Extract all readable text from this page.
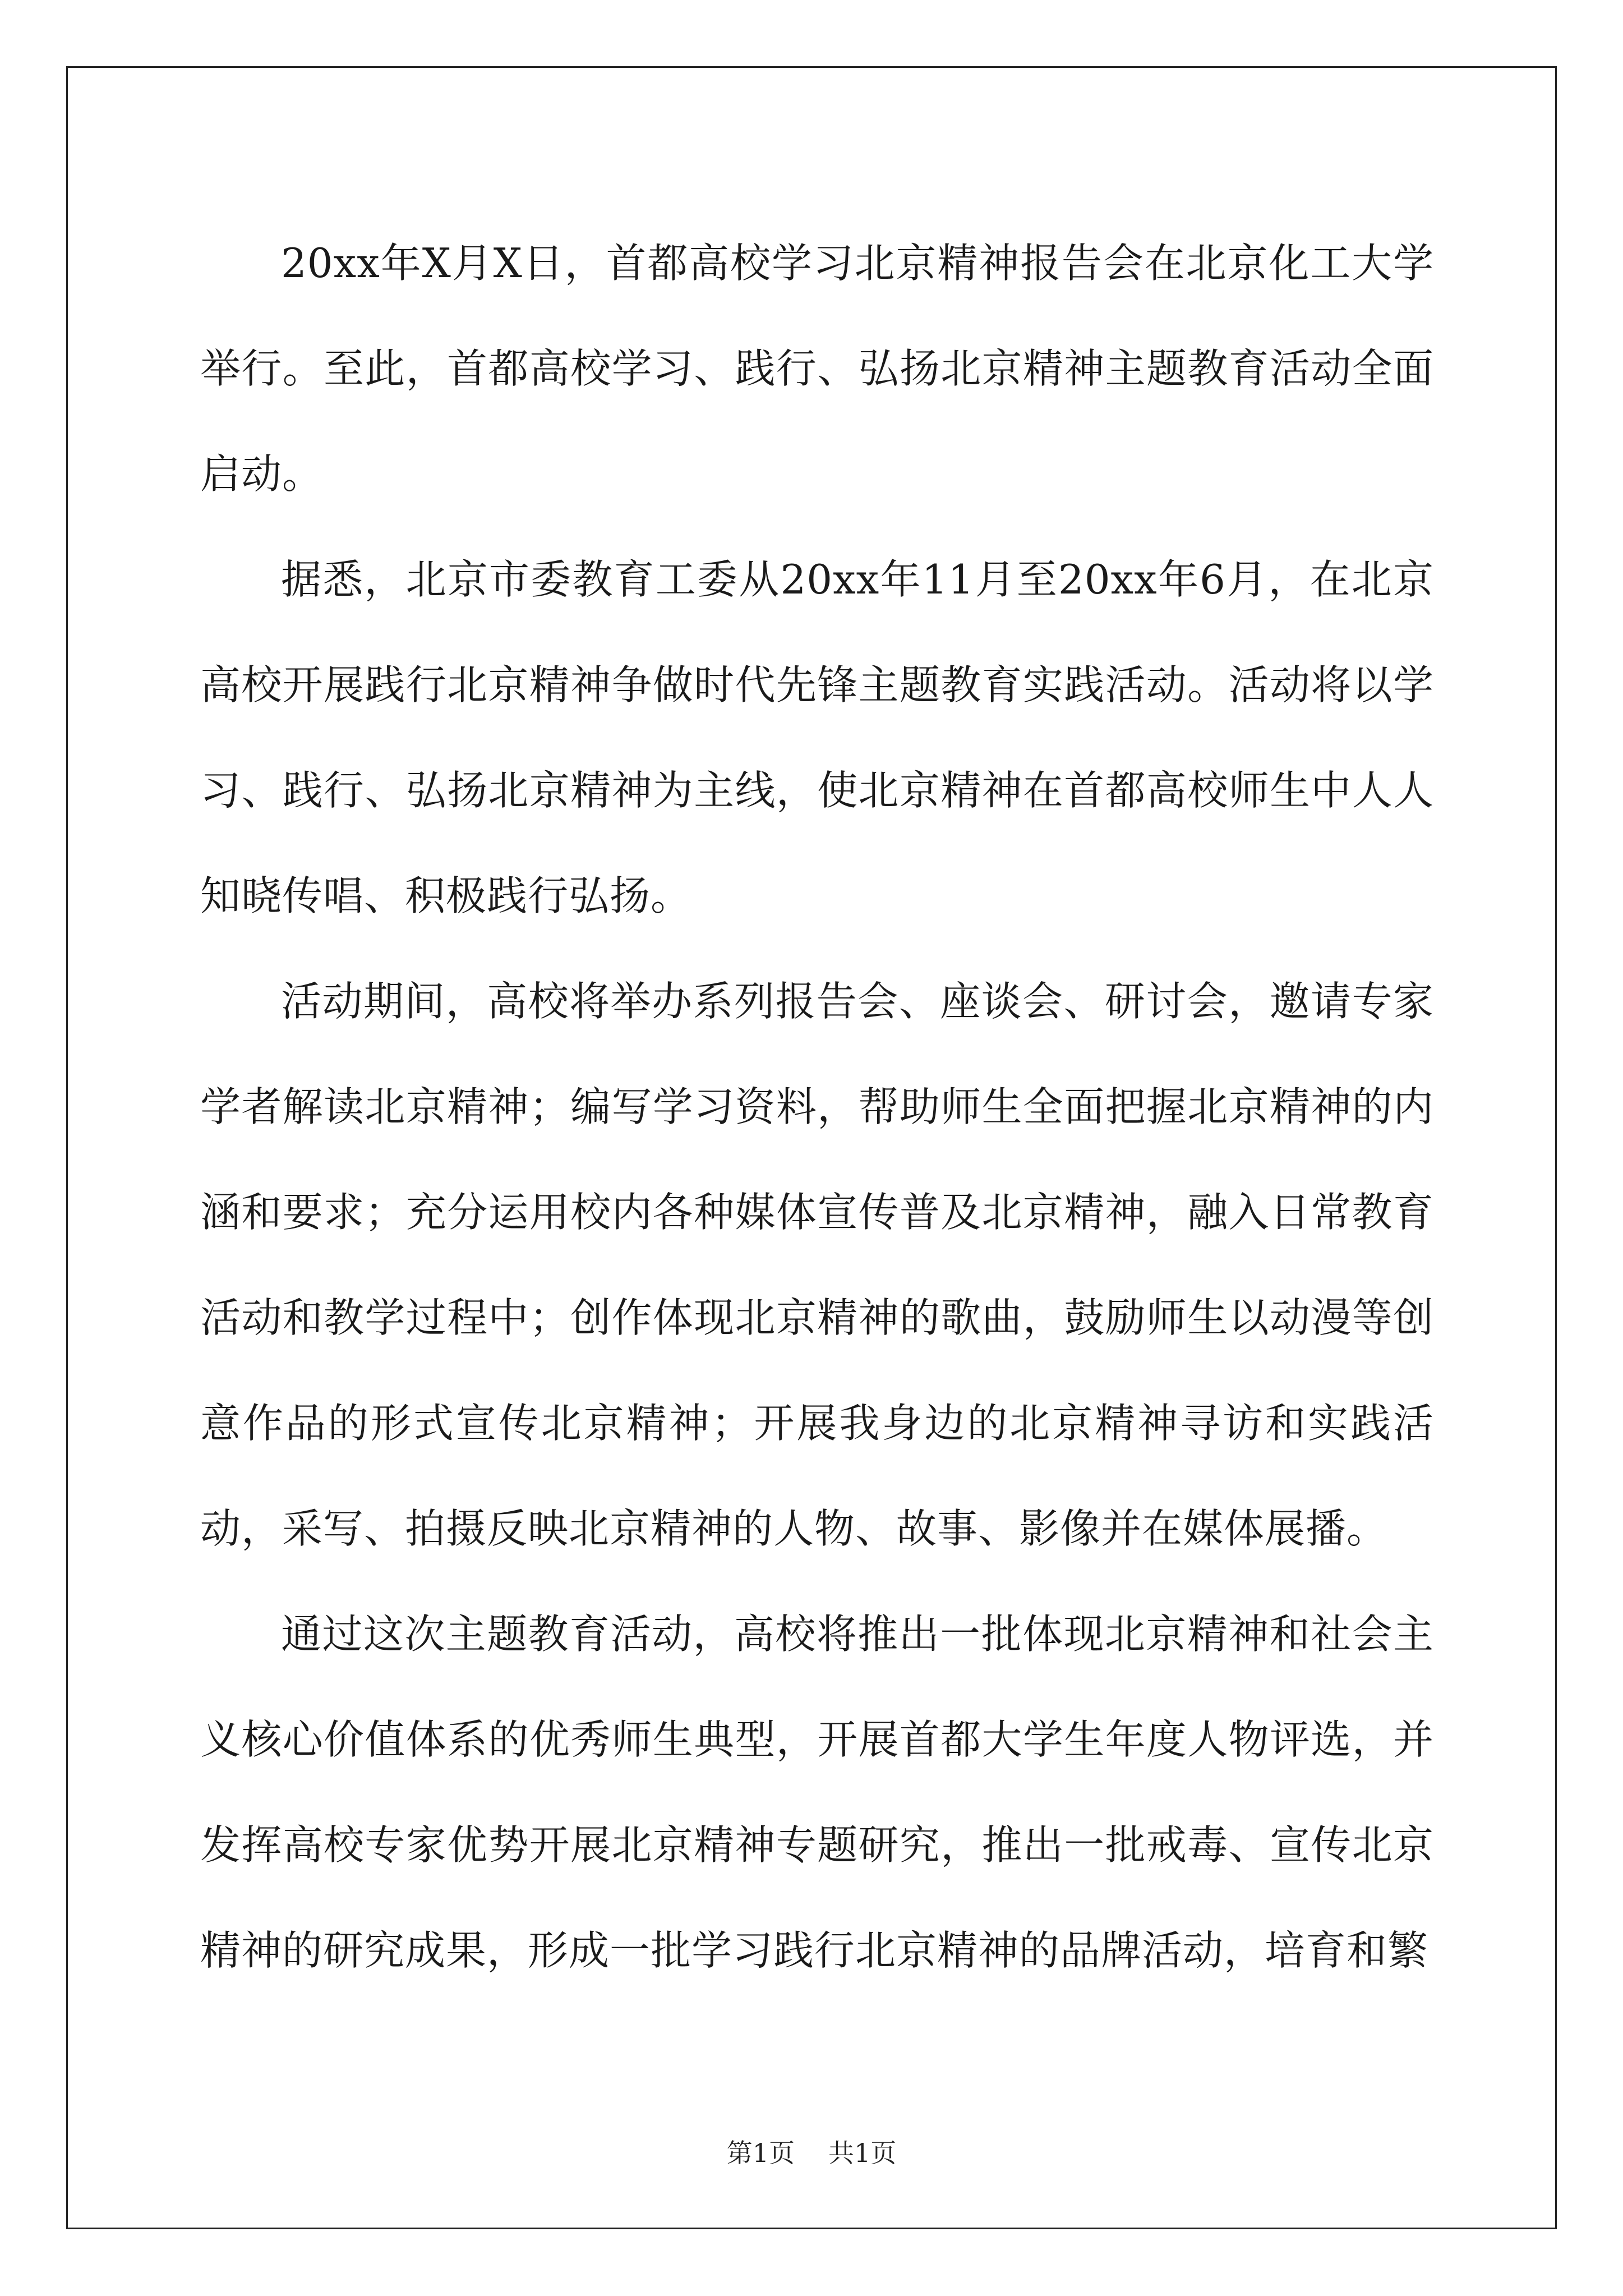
20xx年X月X日，首都高校学习北京精神报告会在北京化工大学举行。至此，首都高校学习、践行、弘扬北京精神主题教育活动全面启动。

据悉，北京市委教育工委从20xx年11月至20xx年6月，在北京高校开展践行北京精神争做时代先锋主题教育实践活动。活动将以学习、践行、弘扬北京精神为主线，使北京精神在首都高校师生中人人知晓传唱、积极践行弘扬。

活动期间，高校将举办系列报告会、座谈会、研讨会，邀请专家学者解读北京精神；编写学习资料，帮助师生全面把握北京精神的内涵和要求；充分运用校内各种媒体宣传普及北京精神，融入日常教育活动和教学过程中；创作体现北京精神的歌曲，鼓励师生以动漫等创意作品的形式宣传北京精神；开展我身边的北京精神寻访和实践活动，采写、拍摄反映北京精神的人物、故事、影像并在媒体展播。

通过这次主题教育活动，高校将推出一批体现北京精神和社会主义核心价值体系的优秀师生典型，开展首都大学生年度人物评选，并发挥高校专家优势开展北京精神专题研究，推出一批戒毒、宣传北京精神的研究成果，形成一批学习践行北京精神的品牌活动，培育和繁

第1页 共1页
